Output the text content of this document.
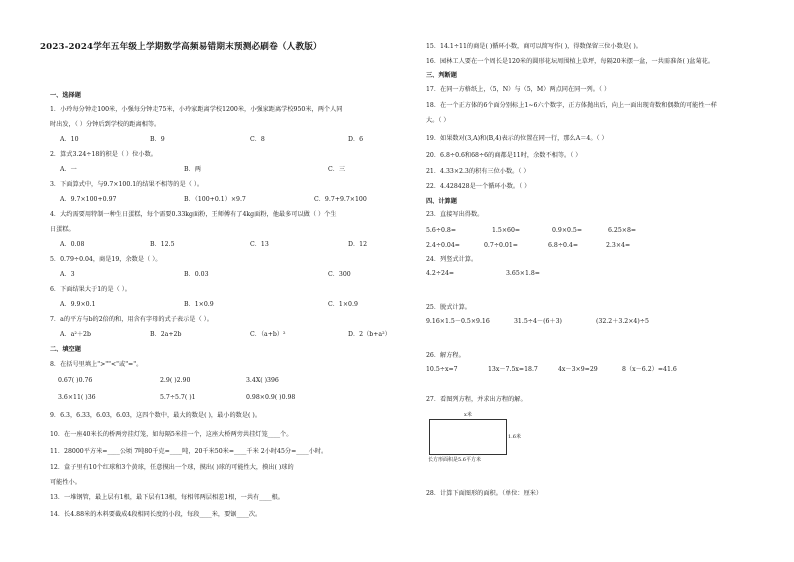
2023-2024学年五年级上学期数学高频易错期末预测必刷卷（人教版）
一、选择题
1．小玲每分钟走100米，小强每分钟走75米，小玲家距离学校1200米，小强家距离学校950米，两个人同
时出发，（ ）分钟后到学校的距离相等。
A．10	B．9	C．8	D．6
2．算式3.24÷18的积是（ ）位小数。
A．一	B．两	C．三
3．下面算式中，与9.7×100.1的结果不相等的是（ ）。
A．9.7×100+0.97	B．（100+0.1）×9.7	C．9.7+9.7×100
4．大约需要用特制一种生日蛋糕，每个需要0.33kg面粉，王师傅有了4kg面粉，他最多可以做（ ）个生
日蛋糕。
A．0.08	B．12.5	C．13	D．12
5．0.79÷0.04，商是19，余数是（ ）。
A．3	B．0.03	C．300
6．下面结果大于1的是（ ）。
A．9.9×0.1	B．1×0.9	C．1×0.9
7．a的平方与b的2倍的和，用含有字母的式子表示是（ ）。
A．a²＋2b	B．2a+2b	C．（a+b）²	D．2（b+a²）
二、填空题
8．在括号里填上">""<"或"="。
0.67( )0.76	2.9( )2.90	3.4X( )396
3.6×11( )36	5.7÷5.7( )1	0.98×0.9( )0.98
9．6.3，6.33，6.03，6.03，这四个数中，最大的数是( )，最小的数是( )。
10．在一座40米长的桥两旁挂灯笼，如每隔5米挂一个，这座大桥两旁共挂灯笼____个。
11．28000平方米=____公顷 7吨80千克=____吨，20千米50米=____千米 2小时45分=____小时。
12．盒子里有10个红球和3个黄球，任意摸出一个球，摸出( )球的可能性大，摸出( )球的
可能性小。
13．一堆钢管，最上层有1根，最下层有13根，每相邻两层相差1根，一共有____根。
14．长4.88米的木料要截成4段相同长度的小段，每段____米，要锯____次。
15．14.1÷11的商是( )循环小数，商可以简写作( )，得数保留三位小数是( )。
16．园林工人要在一个周长是120米的圆形花坛周围植上草坪，每隔20米摆一盆，一共需准备( )盆菊花。
三、判断题
17．在同一方格纸上，（5，N）与（5，M）两点同在同一列。（ ）
18．在一个正方体的6个面分别标上1~6六个数字，正方体抛出后，向上一面出现奇数和偶数的可能性一样
大。（ ）
19．如果数对(3,A)和(B,4)表示的位置在同一行，那么A＝4。（ ）
20．6.8÷0.6和68÷6的商都是11时，余数不相等。（ ）
21．4.33×2.3的积有三位小数。（ ）
22．4.428428是一个循环小数。（ ）
四、计算题
23．直接写出得数。
5.6÷0.8=	1.5×60=	0.9×0.5=	6.25×8=
2.4÷0.04=	0.7÷0.01=	6.8÷0.4=	2.3×4=
24．列竖式计算。
4.2÷24=	3.65×1.8=
25．脱式计算。
9.16×1.5－0.5×9.16	31.5÷4－(6＋3)	(32.2＋3.2×4)÷5
26．解方程。
10.5÷x=7	13x－7.5x=18.7	4x－3×9=29	8（x－6.2）=41.6
27．看图列方程，并求出方程的解。
x米
1.6米
长方形面积是5.6平方米
28．计算下面图形的面积。（单位：厘米）
